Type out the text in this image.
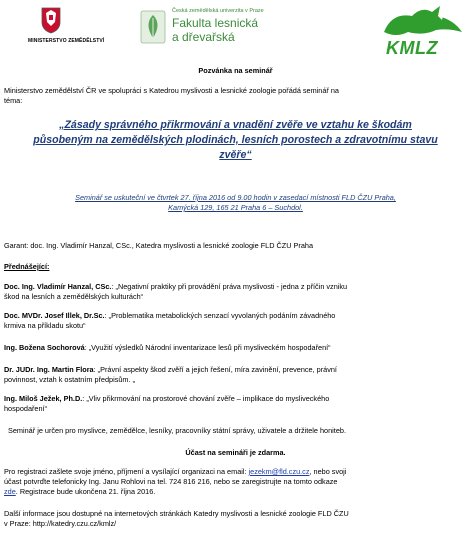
MINISTERSTVO ZEMĚDĚLSTVÍ
Česká zemědělská univerzita v Praze
Fakulta lesnická
a dřevařská
KMLZ
Pozvánka na seminář
Ministerstvo zemědělství ČR ve spolupráci s Katedrou myslivosti a lesnické zoologie pořádá seminář na
téma:
„Zásady správného přikrmování a vnadění zvěře ve vztahu ke škodám
působeným na zemědělských plodinách, lesních porostech a zdravotnímu stavu
zvěře“
Seminář se uskuteční ve čtvrtek 27. října 2016 od 9.00 hodin v zasedací místnosti FLD ČZU Praha,
Kamýcká 129, 165 21 Praha 6 – Suchdol.
Garant: doc. Ing. Vladimír Hanzal, CSc., Katedra myslivosti a lesnické zoologie FLD ČZU Praha
Přednášející:
Doc. Ing. Vladimír Hanzal, CSc.: „Negativní praktiky při provádění práva myslivosti - jedna z příčin vzniku
škod na lesních a zemědělských kulturách“
Doc. MVDr. Josef Illek, Dr.Sc.: „Problematika metabolických senzací vyvolaných podáním závadného
krmiva na příkladu skotu“
Ing. Božena Sochorová: „Využití výsledků Národní inventarizace lesů při mysliveckém hospodaření“
Dr. JUDr. Ing. Martin Flora: „Právní aspekty škod zvěří a jejich řešení, míra zavinění, prevence, právní
povinnost, vztah k ostatním předpisům. „
Ing. Miloš Ježek, Ph.D.: „Vliv přikrmování na prostorové chování zvěře – implikace do mysliveckého
hospodaření“
Seminář je určen pro myslivce, zemědělce, lesníky, pracovníky státní správy, uživatele a držitele honiteb.
Účast na semináři je zdarma.
Pro registraci zašlete svoje jméno, příjmení a vysílající organizaci na email: jezekm@fld.czu.cz, nebo svoji
účast potvrďte telefonicky Ing. Janu Rohlovi na tel. 724 816 216, nebo se zaregistrujte na tomto odkaze
zde. Registrace bude ukončena 21. října 2016.
Další informace jsou dostupné na internetových stránkách Katedry myslivosti a lesnické zoologie FLD ČZU
v Praze: http://katedry.czu.cz/kmlz/
